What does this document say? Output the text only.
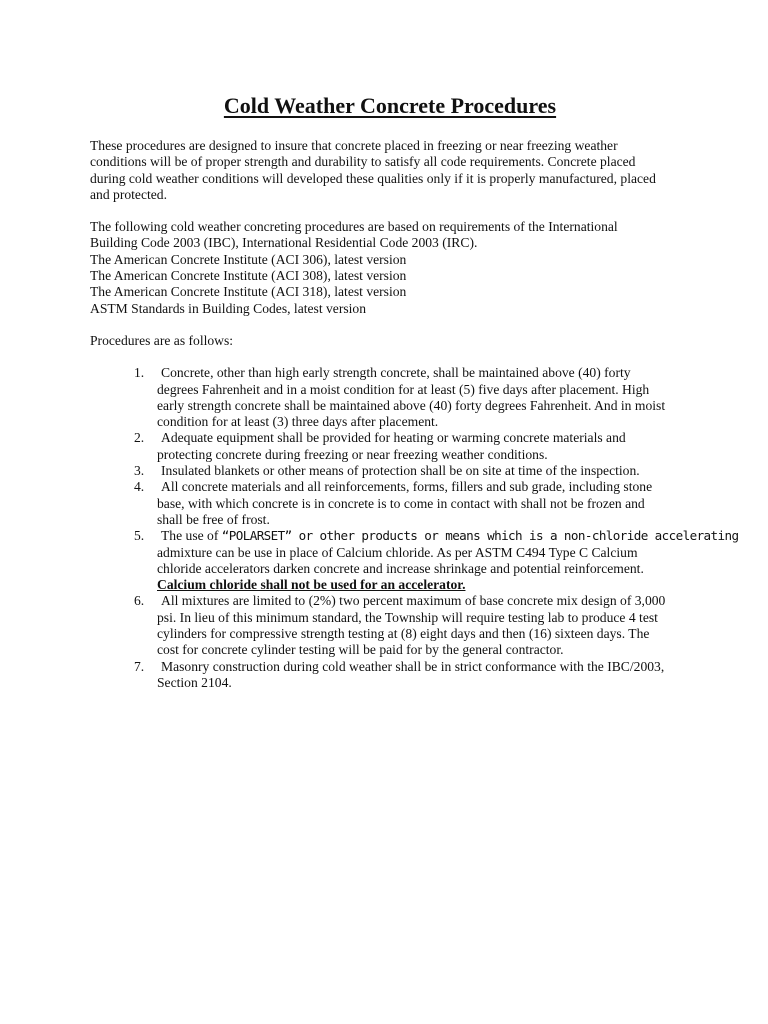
Cold Weather Concrete Procedures

These procedures are designed to insure that concrete placed in freezing or near freezing weather
conditions will be of proper strength and durability to satisfy all code requirements. Concrete placed
during cold weather conditions will developed these qualities only if it is properly manufactured, placed
and protected.

The following cold weather concreting procedures are based on requirements of the International
Building Code 2003 (IBC), International Residential Code 2003 (IRC).
The American Concrete Institute (ACI 306), latest version
The American Concrete Institute (ACI 308), latest version
The American Concrete Institute (ACI 318), latest version
ASTM Standards in Building Codes, latest version

Procedures are as follows:

1. Concrete, other than high early strength concrete, shall be maintained above (40) forty
degrees Fahrenheit and in a moist condition for at least (5) five days after placement. High
early strength concrete shall be maintained above (40) forty degrees Fahrenheit. And in moist
condition for at least (3) three days after placement.
2. Adequate equipment shall be provided for heating or warming concrete materials and
protecting concrete during freezing or near freezing weather conditions.
3. Insulated blankets or other means of protection shall be on site at time of the inspection.
4. All concrete materials and all reinforcements, forms, fillers and sub grade, including stone
base, with which concrete is in concrete is to come in contact with shall not be frozen and
shall be free of frost.
5. The use of “POLARSET” or other products or means which is a non-chloride accelerating
admixture can be use in place of Calcium chloride. As per ASTM C494 Type C Calcium
chloride accelerators darken concrete and increase shrinkage and potential reinforcement.
Calcium chloride shall not be used for an accelerator.
6. All mixtures are limited to (2%) two percent maximum of base concrete mix design of 3,000
psi. In lieu of this minimum standard, the Township will require testing lab to produce 4 test
cylinders for compressive strength testing at (8) eight days and then (16) sixteen days. The
cost for concrete cylinder testing will be paid for by the general contractor.
7. Masonry construction during cold weather shall be in strict conformance with the IBC/2003,
Section 2104.
